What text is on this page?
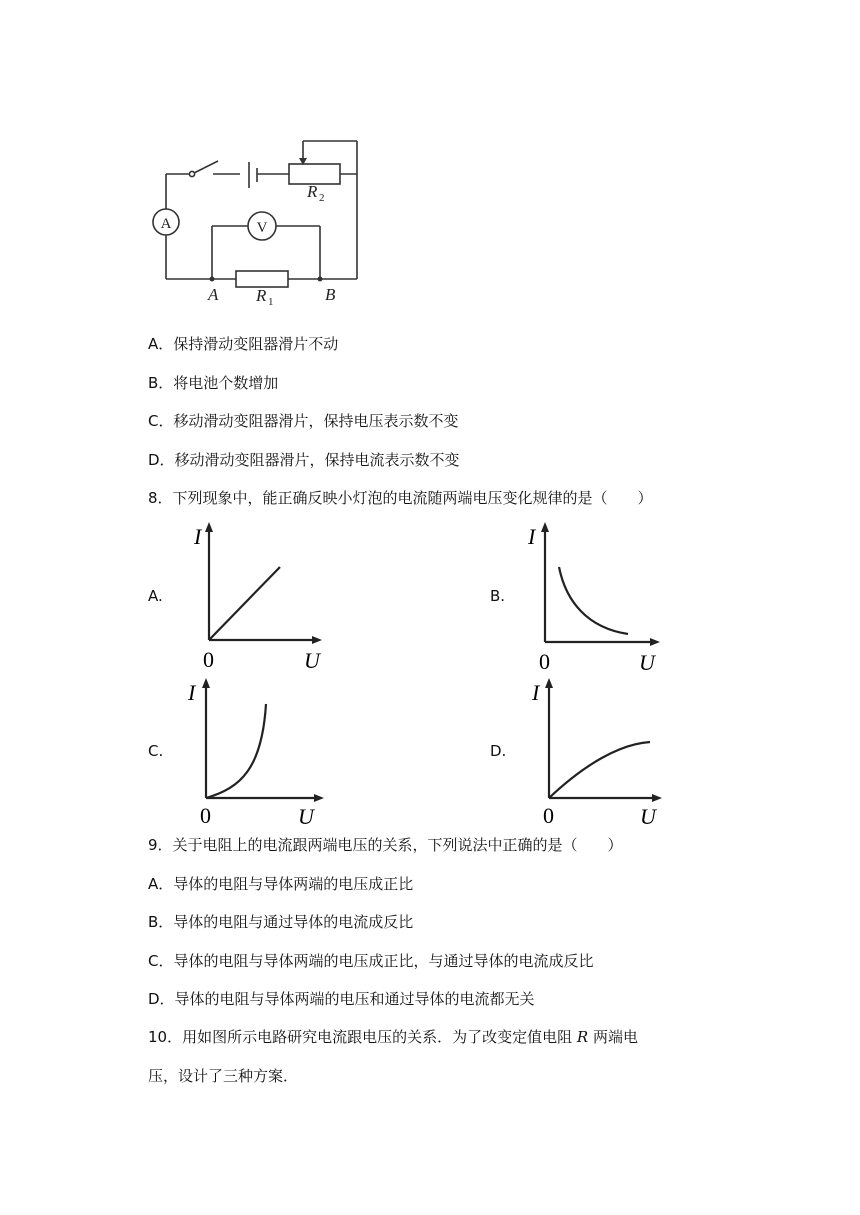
A	V
A	B
R 1
R 2
A．保持滑动变阻器滑片不动
B．将电池个数增加
C．移动滑动变阻器滑片，保持电压表示数不变
D．移动滑动变阻器滑片，保持电流表示数不变
8．下列现象中，能正确反映小灯泡的电流随两端电压变化规律的是（　　）
A.	B.
C.	D.
I
0	U
I
0	U
I
0	U
I
0	U
9．关于电阻上的电流跟两端电压的关系，下列说法中正确的是（　　）
A．导体的电阻与导体两端的电压成正比
B．导体的电阻与通过导体的电流成反比
C．导体的电阻与导体两端的电压成正比，与通过导体的电流成反比
D．导体的电阻与导体两端的电压和通过导体的电流都无关
10．用如图所示电路研究电流跟电压的关系．为了改变定值电阻 R 两端电
压，设计了三种方案．
